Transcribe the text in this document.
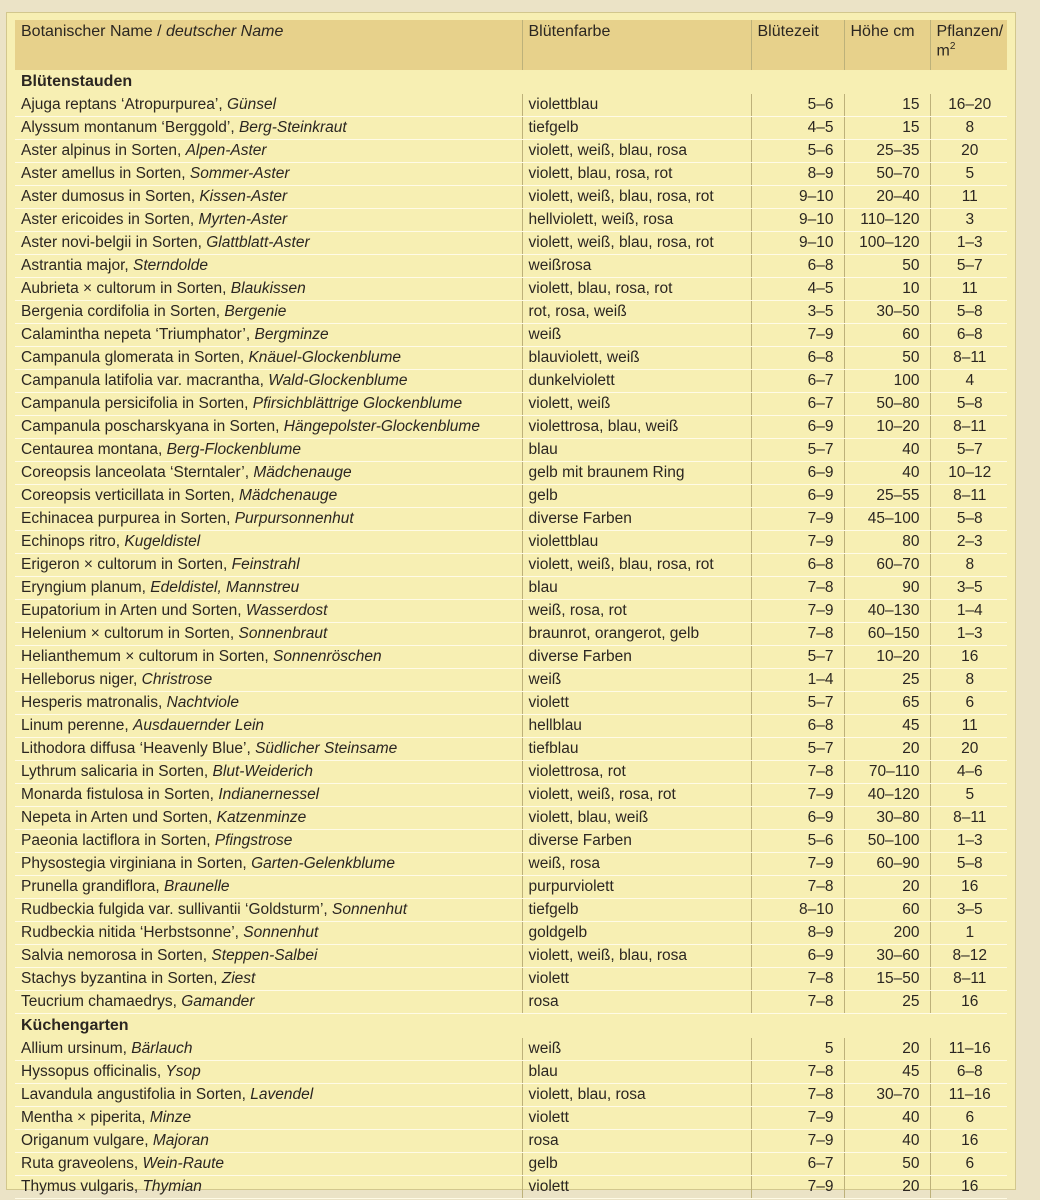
Botanischer Name / deutscher Name	Blütenfarbe	Blütezeit	Höhe cm	Pflanzen/
$m^2$
Blütenstauden				
Ajuga reptans ‘Atropurpurea’, Günsel	violettblau	5–6	15	16–20
Alyssum montanum ‘Berggold’, Berg-Steinkraut	tiefgelb	4–5	15	8
Aster alpinus in Sorten, Alpen-Aster	violett, weiß, blau, rosa	5–6	25–35	20
Aster amellus in Sorten, Sommer-Aster	violett, blau, rosa, rot	8–9	50–70	5
Aster dumosus in Sorten, Kissen-Aster	violett, weiß, blau, rosa, rot	9–10	20–40	11
Aster ericoides in Sorten, Myrten-Aster	hellviolett, weiß, rosa	9–10	110–120	3
Aster novi-belgii in Sorten, Glattblatt-Aster	violett, weiß, blau, rosa, rot	9–10	100–120	1–3
Astrantia major, Sterndolde	weißrosa	6–8	50	5–7
Aubrieta × cultorum in Sorten, Blaukissen	violett, blau, rosa, rot	4–5	10	11
Bergenia cordifolia in Sorten, Bergenie	rot, rosa, weiß	3–5	30–50	5–8
Calamintha nepeta ‘Triumphator’, Bergminze	weiß	7–9	60	6–8
Campanula glomerata in Sorten, Knäuel-Glockenblume	blauviolett, weiß	6–8	50	8–11
Campanula latifolia var. macrantha, Wald-Glockenblume	dunkelviolett	6–7	100	4
Campanula persicifolia in Sorten, Pfirsichblättrige Glockenblume	violett, weiß	6–7	50–80	5–8
Campanula poscharskyana in Sorten, Hängepolster-Glockenblume	violettrosa, blau, weiß	6–9	10–20	8–11
Centaurea montana, Berg-Flockenblume	blau	5–7	40	5–7
Coreopsis lanceolata ‘Sterntaler’, Mädchenauge	gelb mit braunem Ring	6–9	40	10–12
Coreopsis verticillata in Sorten, Mädchenauge	gelb	6–9	25–55	8–11
Echinacea purpurea in Sorten, Purpursonnenhut	diverse Farben	7–9	45–100	5–8
Echinops ritro, Kugeldistel	violettblau	7–9	80	2–3
Erigeron × cultorum in Sorten, Feinstrahl	violett, weiß, blau, rosa, rot	6–8	60–70	8
Eryngium planum, Edeldistel, Mannstreu	blau	7–8	90	3–5
Eupatorium in Arten und Sorten, Wasserdost	weiß, rosa, rot	7–9	40–130	1–4
Helenium × cultorum in Sorten, Sonnenbraut	braunrot, orangerot, gelb	7–8	60–150	1–3
Helianthemum × cultorum in Sorten, Sonnenröschen	diverse Farben	5–7	10–20	16
Helleborus niger, Christrose	weiß	1–4	25	8
Hesperis matronalis, Nachtviole	violett	5–7	65	6
Linum perenne, Ausdauernder Lein	hellblau	6–8	45	11
Lithodora diffusa ‘Heavenly Blue’, Südlicher Steinsame	tiefblau	5–7	20	20
Lythrum salicaria in Sorten, Blut-Weiderich	violettrosa, rot	7–8	70–110	4–6
Monarda fistulosa in Sorten, Indianernessel	violett, weiß, rosa, rot	7–9	40–120	5
Nepeta in Arten und Sorten, Katzenminze	violett, blau, weiß	6–9	30–80	8–11
Paeonia lactiflora in Sorten, Pfingstrose	diverse Farben	5–6	50–100	1–3
Physostegia virginiana in Sorten, Garten-Gelenkblume	weiß, rosa	7–9	60–90	5–8
Prunella grandiflora, Braunelle	purpurviolett	7–8	20	16
Rudbeckia fulgida var. sullivantii ‘Goldsturm’, Sonnenhut	tiefgelb	8–10	60	3–5
Rudbeckia nitida ‘Herbstsonne’, Sonnenhut	goldgelb	8–9	200	1
Salvia nemorosa in Sorten, Steppen-Salbei	violett, weiß, blau, rosa	6–9	30–60	8–12
Stachys byzantina in Sorten, Ziest	violett	7–8	15–50	8–11
Teucrium chamaedrys, Gamander	rosa	7–8	25	16
Küchengarten				
Allium ursinum, Bärlauch	weiß	5	20	11–16
Hyssopus officinalis, Ysop	blau	7–8	45	6–8
Lavandula angustifolia in Sorten, Lavendel	violett, blau, rosa	7–8	30–70	11–16
Mentha × piperita, Minze	violett	7–9	40	6
Origanum vulgare, Majoran	rosa	7–9	40	16
Ruta graveolens, Wein-Raute	gelb	6–7	50	6
Thymus vulgaris, Thymian	violett	7–9	20	16
